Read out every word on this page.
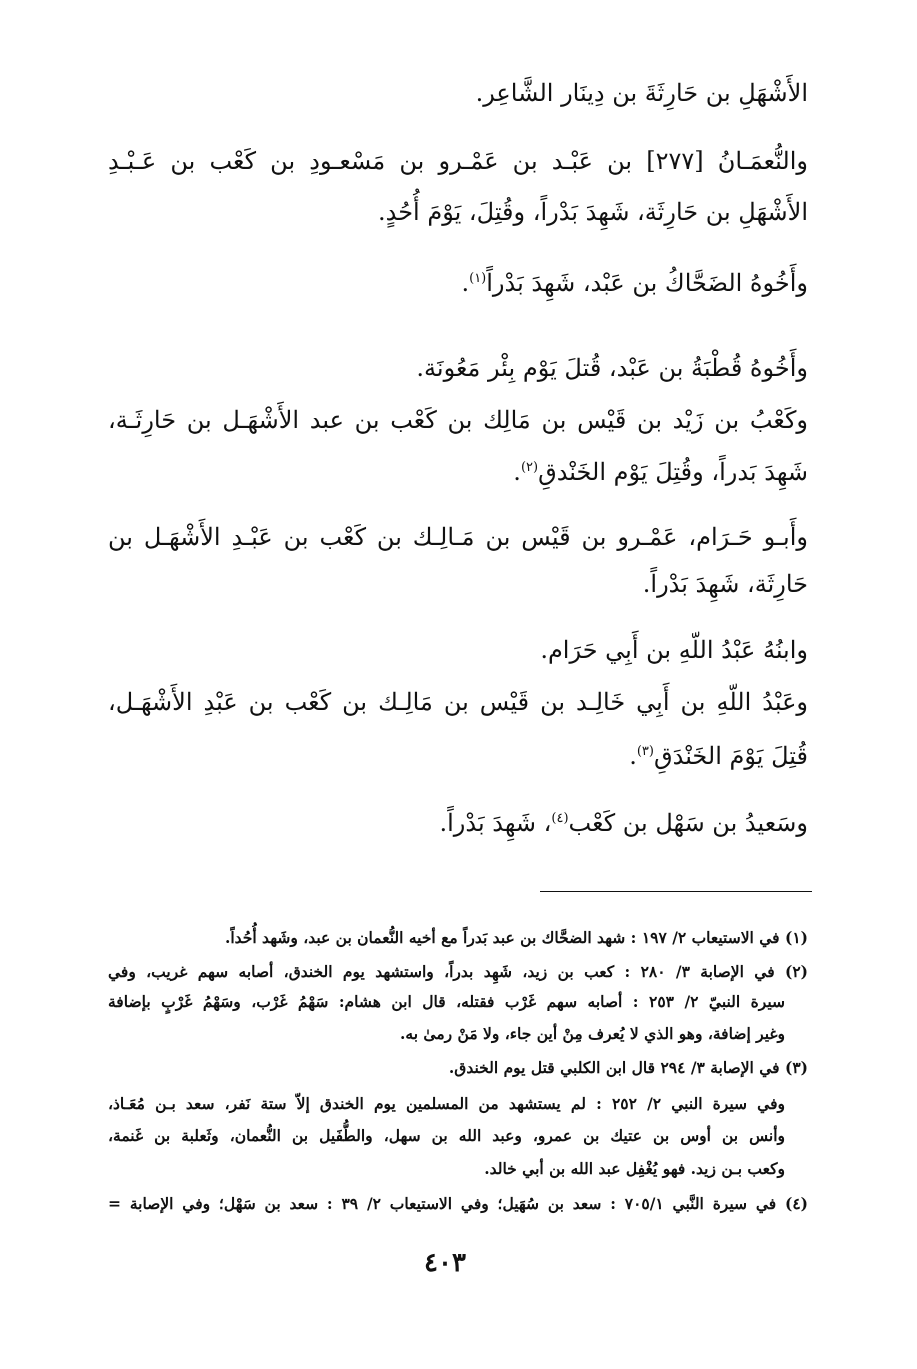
الأَشْهَلِ بن حَارِثَةَ بن دِينَار الشَّاعِر.
والنُّعمَـانُ [٢٧٧] بن عَبْـد بن عَمْـرو بن مَسْعـودِ بن كَعْب بن عَـبْـدِ
الأَشْهَلِ بن حَارِثَة، شَهِدَ بَدْراً، وقُتِلَ، يَوْمَ أُحُدٍ.
وأَخُوهُ الضَحَّاكُ بن عَبْد، شَهِدَ بَدْراً$^{(١)}$.
وأَخُوهُ قُطْبَةُ بن عَبْد، قُتلَ يَوْم بِئْر مَعُونَة.
وكَعْبُ بن زَيْد بن قَيْس بن مَالِك بن كَعْب بن عبد الأَشْهَـل بن حَارِثَـة،
شَهِدَ بَدراً، وقُتِلَ يَوْم الخَنْدقِ$^{(٢)}$.
وأَبـو حَـرَام، عَمْـرو بن قَيْس بن مَـالِـك بن كَعْب بن عَبْـدِ الأَشْهَـل بن
حَارِثَة، شَهِدَ بَدْراً.
وابنُهُ عَبْدُ اللّهِ بن أَبِي حَرَام.
وعَبْدُ اللّهِ بن أَبِي خَالِـد بن قَيْس بن مَالِـك بن كَعْب بن عَبْدِ الأَشْهَـل،
قُتِلَ يَوْمَ الخَنْدَقِ$^{(٣)}$.
وسَعيدُ بن سَهْل بن كَعْب$^{(٤)}$، شَهِدَ بَدْراً.
(١) في الاستيعاب ٢/ ١٩٧ : شهد الضحَّاك بن عبد بَدراً مع أخيه النُّعمان بن عبد، وشَهد أُحُداً.
(٢) في الإصابة ٣/ ٢٨٠ : كعب بن زيد، شَهِد بدراً، واستشهد يوم الخندق، أصابه سهم غريب، وفي
سيرة النبيّ ٢/ ٢٥٣ : أصابه سهم غَرْب فقتله، قال ابن هشام: سَهْمُ غَرْب، وسَهْمُ غَرْبٍ بإضافة
وغير إضافة، وهو الذي لا يُعرف مِنْ أين جاء، ولا مَنْ رمىٰ به.
(٣) في الإصابة ٣/ ٢٩٤ قال ابن الكلبي قتل يوم الخندق.
وفي سيرة النبي ٢/ ٢٥٢ : لم يستشهد من المسلمين يوم الخندق إلاّ ستة نَفر، سعد بـن مُعَـاذ،
وأنس بن أوس بن عتيك بن عمرو، وعبد الله بن سهل، والطُّفَيل بن النُّعمان، وثَعلبة بن غَنمة،
وكعب بـن زيد. فهو يُغْفِل عبد الله بن أبي خالد.
(٤) في سيرة النَّبي ٧٠٥/١ : سعد بن سُهَيل؛ وفي الاستيعاب ٢/ ٣٩ : سعد بن سَهْل؛ وفي الإصابة =
٤٠٣
